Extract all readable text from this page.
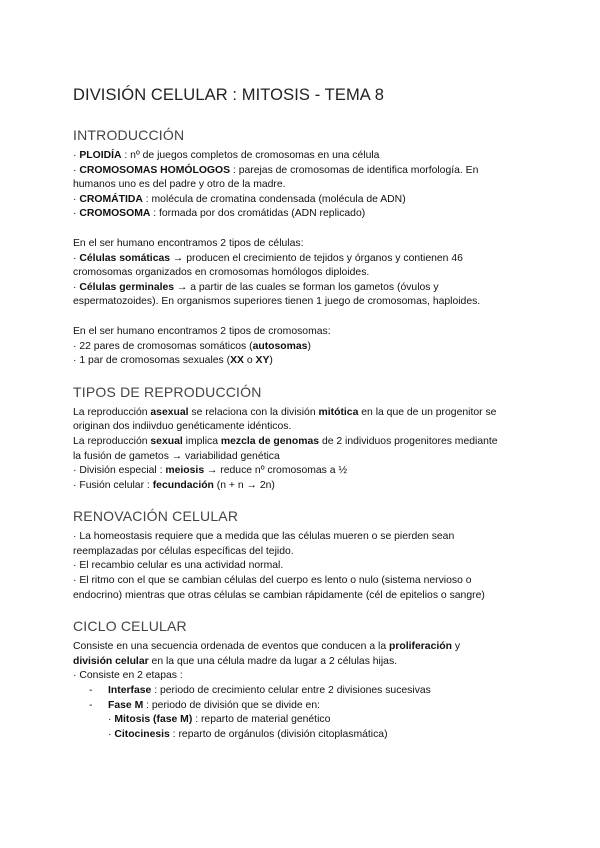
DIVISIÓN CELULAR : MITOSIS - TEMA 8
INTRODUCCIÓN

· PLOIDÍA : nº de juegos completos de cromosomas en una célula

· CROMOSOMAS HOMÓLOGOS : parejas de cromosomas de identifica morfología. En

humanos uno es del padre y otro de la madre.

· CROMÁTIDA : molécula de cromatina condensada (molécula de ADN)

· CROMOSOMA : formada por dos cromátidas (ADN replicado)

En el ser humano encontramos 2 tipos de células:

· Células somáticas → producen el crecimiento de tejidos y órganos y contienen 46

cromosomas organizados en cromosomas homólogos diploides.

· Células germinales → a partir de las cuales se forman los gametos (óvulos y

espermatozoides). En organismos superiores tienen 1 juego de cromosomas, haploides.

En el ser humano encontramos 2 tipos de cromosomas:

· 22 pares de cromosomas somáticos (autosomas)

· 1 par de cromosomas sexuales (XX o XY)

TIPOS DE REPRODUCCIÓN

La reproducción asexual se relaciona con la división mitótica en la que de un progenitor se

originan dos indiivduo genéticamente idénticos.

La reproducción sexual implica mezcla de genomas de 2 individuos progenitores mediante

la fusión de gametos → variabilidad genética

· División especial : meiosis → reduce nº cromosomas a ½

· Fusión celular : fecundación (n + n → 2n)

RENOVACIÓN CELULAR

· La homeostasis requiere que a medida que las células mueren o se pierden sean

reemplazadas por células específicas del tejido.

· El recambio celular es una actividad normal.

· El ritmo con el que se cambian células del cuerpo es lento o nulo (sistema nervioso o

endocrino) mientras que otras células se cambian rápidamente (cél de epitelios o sangre)

CICLO CELULAR

Consiste en una secuencia ordenada de eventos que conducen a la proliferación y

división celular en la que una célula madre da lugar a 2 células hijas.

· Consiste en 2 etapas :

- Interfase : periodo de crecimiento celular entre 2 divisiones sucesivas

- Fase M : periodo de división que se divide en:

· Mitosis (fase M) : reparto de material genético

· Citocinesis : reparto de orgánulos (división citoplasmática)
